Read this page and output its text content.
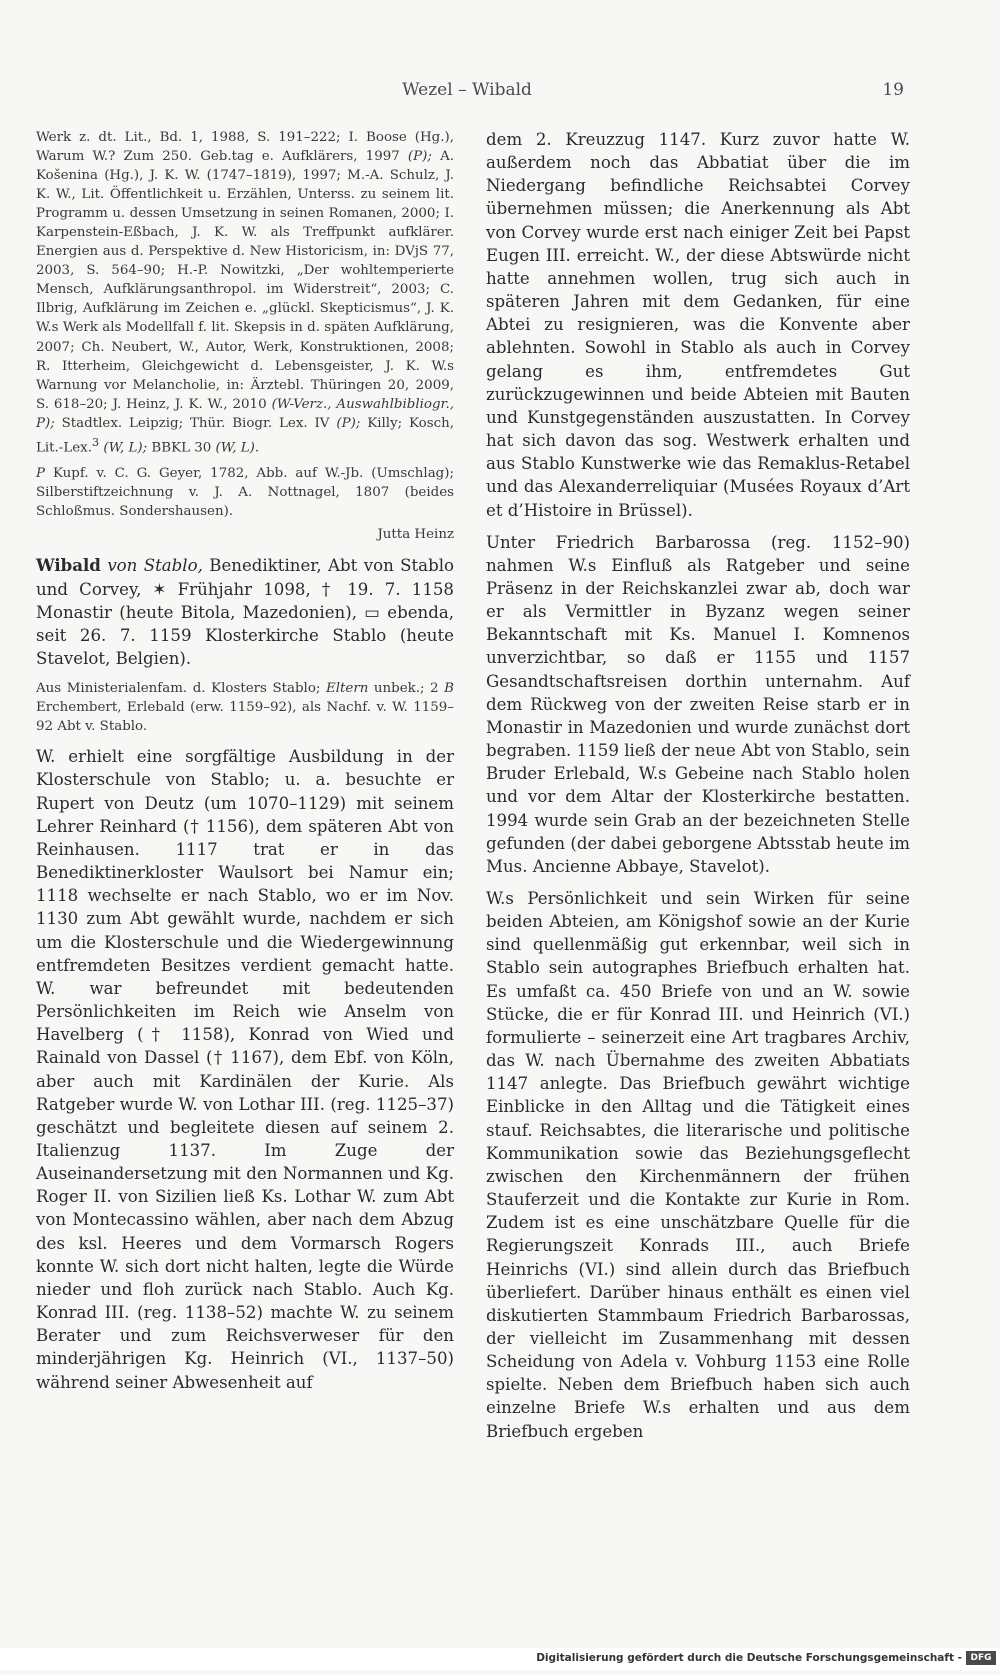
Wezel – Wibald	19

Werk z. dt. Lit., Bd. 1, 1988, S. 191–222; I. Boose (Hg.), Warum W.? Zum 250. Geb.tag e. Aufklärers, 1997 (P); A. Košenina (Hg.), J. K. W. (1747–1819), 1997; M.-A. Schulz, J. K. W., Lit. Öffentlichkeit u. Erzählen, Unterss. zu seinem lit. Programm u. dessen Umsetzung in seinen Romanen, 2000; I. Karpenstein-Eßbach, J. K. W. als Treffpunkt aufklärer. Energien aus d. Perspektive d. New Historicism, in: DVjS 77, 2003, S. 564–90; H.-P. Nowitzki, „Der wohltemperierte Mensch, Aufklärungsanthropol. im Widerstreit“, 2003; C. Ilbrig, Aufklärung im Zeichen e. „glückl. Skepticismus“, J. K. W.s Werk als Modellfall f. lit. Skepsis in d. späten Aufklärung, 2007; Ch. Neubert, W., Autor, Werk, Konstruktionen, 2008; R. Itterheim, Gleichgewicht d. Lebensgeister, J. K. W.s Warnung vor Melancholie, in: Ärztebl. Thüringen 20, 2009, S. 618–20; J. Heinz, J. K. W., 2010 (W-Verz., Auswahlbibliogr., P); Stadtlex. Leipzig; Thür. Biogr. Lex. IV (P); Killy; Kosch, Lit.-Lex.$^3$ (W, L); BBKL 30 (W, L).

P Kupf. v. C. G. Geyer, 1782, Abb. auf W.-Jb. (Umschlag); Silberstiftzeichnung v. J. A. Nottnagel, 1807 (beides Schloßmus. Sondershausen).

Jutta Heinz

Wibald von Stablo, Benediktiner, Abt von Stablo und Corvey, ✶ Frühjahr 1098, † 19. 7. 1158 Monastir (heute Bitola, Mazedonien), ▭ ebenda, seit 26. 7. 1159 Klosterkirche Stablo (heute Stavelot, Belgien).

Aus Ministerialenfam. d. Klosters Stablo; Eltern unbek.; 2 B Erchembert, Erlebald (erw. 1159–92), als Nachf. v. W. 1159–92 Abt v. Stablo.

W. erhielt eine sorgfältige Ausbildung in der Klosterschule von Stablo; u. a. besuchte er Rupert von Deutz (um 1070–1129) mit seinem Lehrer Reinhard († 1156), dem späteren Abt von Reinhausen. 1117 trat er in das Benediktinerkloster Waulsort bei Namur ein; 1118 wechselte er nach Stablo, wo er im Nov. 1130 zum Abt gewählt wurde, nachdem er sich um die Klosterschule und die Wiedergewinnung entfremdeten Besitzes verdient gemacht hatte. W. war befreundet mit bedeutenden Persönlichkeiten im Reich wie Anselm von Havelberg († 1158), Konrad von Wied und Rainald von Dassel († 1167), dem Ebf. von Köln, aber auch mit Kardinälen der Kurie. Als Ratgeber wurde W. von Lothar III. (reg. 1125–37) geschätzt und begleitete diesen auf seinem 2. Italienzug 1137. Im Zuge der Auseinandersetzung mit den Normannen und Kg. Roger II. von Sizilien ließ Ks. Lothar W. zum Abt von Montecassino wählen, aber nach dem Abzug des ksl. Heeres und dem Vormarsch Rogers konnte W. sich dort nicht halten, legte die Würde nieder und floh zurück nach Stablo. Auch Kg. Konrad III. (reg. 1138–52) machte W. zu seinem Berater und zum Reichsverweser für den minderjährigen Kg. Heinrich (VI., 1137–50) während seiner Abwesenheit auf

dem 2. Kreuzzug 1147. Kurz zuvor hatte W. außerdem noch das Abbatiat über die im Niedergang befindliche Reichsabtei Corvey übernehmen müssen; die Anerkennung als Abt von Corvey wurde erst nach einiger Zeit bei Papst Eugen III. erreicht. W., der diese Abtswürde nicht hatte annehmen wollen, trug sich auch in späteren Jahren mit dem Gedanken, für eine Abtei zu resignieren, was die Konvente aber ablehnten. Sowohl in Stablo als auch in Corvey gelang es ihm, entfremdetes Gut zurückzugewinnen und beide Abteien mit Bauten und Kunstgegenständen auszustatten. In Corvey hat sich davon das sog. Westwerk erhalten und aus Stablo Kunstwerke wie das Remaklus-Retabel und das Alexanderreliquiar (Musées Royaux d’Art et d’Histoire in Brüssel).

Unter Friedrich Barbarossa (reg. 1152–90) nahmen W.s Einfluß als Ratgeber und seine Präsenz in der Reichskanzlei zwar ab, doch war er als Vermittler in Byzanz wegen seiner Bekanntschaft mit Ks. Manuel I. Komnenos unverzichtbar, so daß er 1155 und 1157 Gesandtschaftsreisen dorthin unternahm. Auf dem Rückweg von der zweiten Reise starb er in Monastir in Mazedonien und wurde zunächst dort begraben. 1159 ließ der neue Abt von Stablo, sein Bruder Erlebald, W.s Gebeine nach Stablo holen und vor dem Altar der Klosterkirche bestatten. 1994 wurde sein Grab an der bezeichneten Stelle gefunden (der dabei geborgene Abtsstab heute im Mus. Ancienne Abbaye, Stavelot).

W.s Persönlichkeit und sein Wirken für seine beiden Abteien, am Königshof sowie an der Kurie sind quellenmäßig gut erkennbar, weil sich in Stablo sein autographes Briefbuch erhalten hat. Es umfaßt ca. 450 Briefe von und an W. sowie Stücke, die er für Konrad III. und Heinrich (VI.) formulierte – seinerzeit eine Art tragbares Archiv, das W. nach Übernahme des zweiten Abbatiats 1147 anlegte. Das Briefbuch gewährt wichtige Einblicke in den Alltag und die Tätigkeit eines stauf. Reichsabtes, die literarische und politische Kommunikation sowie das Beziehungsgeflecht zwischen den Kirchenmännern der frühen Stauferzeit und die Kontakte zur Kurie in Rom. Zudem ist es eine unschätzbare Quelle für die Regierungszeit Konrads III., auch Briefe Heinrichs (VI.) sind allein durch das Briefbuch überliefert. Darüber hinaus enthält es einen viel diskutierten Stammbaum Friedrich Barbarossas, der vielleicht im Zusammenhang mit dessen Scheidung von Adela v. Vohburg 1153 eine Rolle spielte. Neben dem Briefbuch haben sich auch einzelne Briefe W.s erhalten und aus dem Briefbuch ergeben

Digitalisierung gefördert durch die Deutsche Forschungsgemeinschaft - DFG
